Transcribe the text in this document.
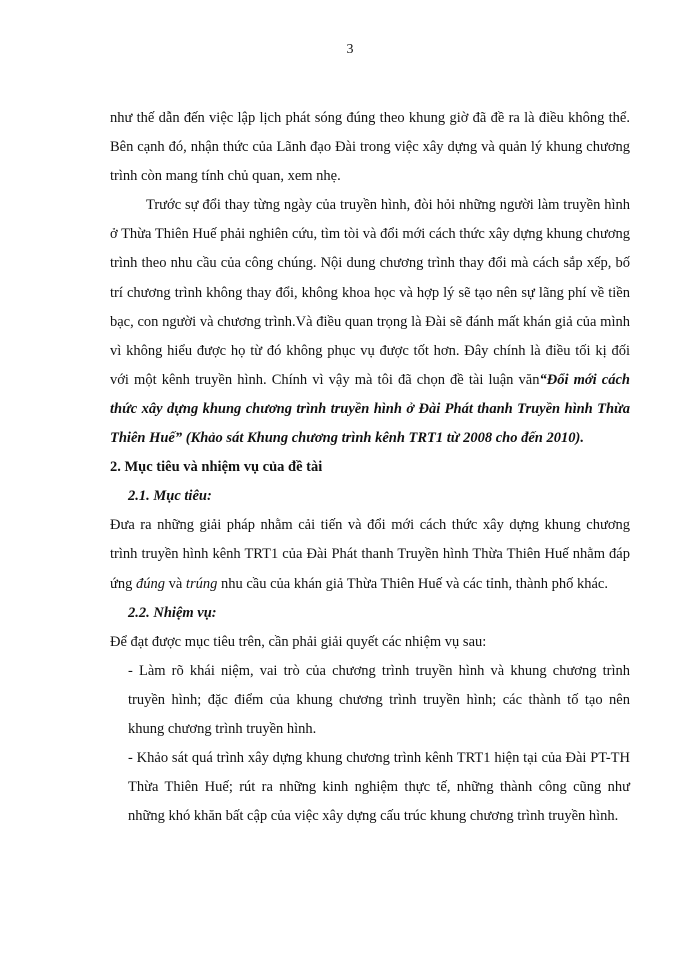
3

như thế dẫn đến việc lập lịch phát sóng đúng theo khung giờ đã đề ra là điều không thể. Bên cạnh đó, nhận thức của Lãnh đạo Đài trong việc xây dựng và quản lý khung chương trình còn mang tính chủ quan, xem nhẹ.

Trước sự đổi thay từng ngày của truyền hình, đòi hỏi những người làm truyền hình ở Thừa Thiên Huế phải nghiên cứu, tìm tòi và đổi mới cách thức xây dựng khung chương trình theo nhu cầu của công chúng. Nội dung chương trình thay đổi mà cách sắp xếp, bố trí chương trình không thay đổi, không khoa học và hợp lý sẽ tạo nên sự lãng phí về tiền bạc, con người và chương trình.Và điều quan trọng là Đài sẽ đánh mất khán giả của mình vì không hiểu được họ từ đó không phục vụ được tốt hơn. Đây chính là điều tối kị đối với một kênh truyền hình. Chính vì vậy mà tôi đã chọn đề tài luận văn“Đổi mới cách thức xây dựng khung chương trình truyền hình ở Đài Phát thanh Truyền hình Thừa Thiên Huế” (Khảo sát Khung chương trình kênh TRT1 từ 2008 cho đến 2010).

2. Mục tiêu và nhiệm vụ của đề tài

2.1. Mục tiêu:

Đưa ra những giải pháp nhằm cải tiến và đổi mới cách thức xây dựng khung chương trình truyền hình kênh TRT1 của Đài Phát thanh Truyền hình Thừa Thiên Huế nhằm đáp ứng đúng và trúng nhu cầu của khán giả Thừa Thiên Huế và các tỉnh, thành phố khác.

2.2. Nhiệm vụ:

Để đạt được mục tiêu trên, cần phải giải quyết các nhiệm vụ sau:

- Làm rõ khái niệm, vai trò của chương trình truyền hình và khung chương trình truyền hình; đặc điểm của khung chương trình truyền hình; các thành tố tạo nên khung chương trình truyền hình.

- Khảo sát quá trình xây dựng khung chương trình kênh TRT1 hiện tại của Đài PT-TH Thừa Thiên Huế; rút ra những kinh nghiệm thực tế, những thành công cũng như những khó khăn bất cập của việc xây dựng cấu trúc khung chương trình truyền hình.
